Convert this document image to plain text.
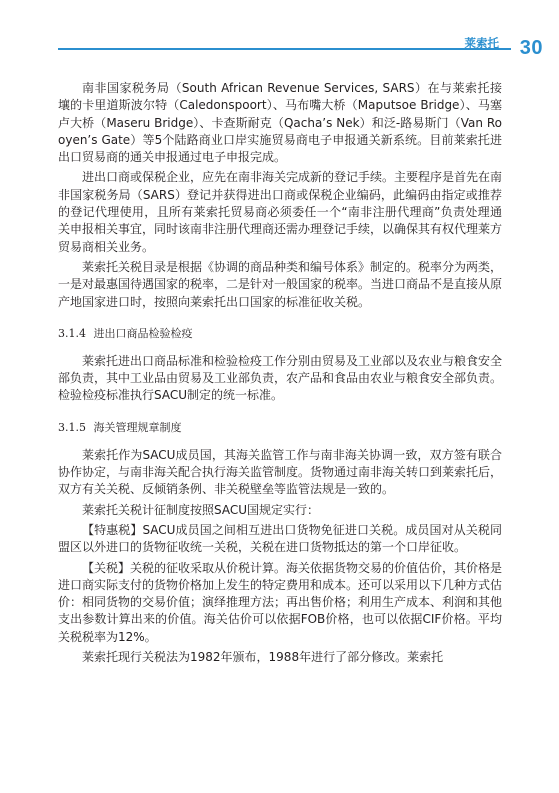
莱索托 30

南非国家税务局（South African Revenue Services, SARS）在与莱索托接壤的卡里道斯波尔特（Caledonspoort）、马布嘴大桥（Maputsoe Bridge）、马塞卢大桥（Maseru Bridge）、卡查斯耐克（Qacha’s Nek）和泛-路易斯门（Van Rooyen’s Gate）等5个陆路商业口岸实施贸易商电子申报通关新系统。目前莱索托进出口贸易商的通关申报通过电子申报完成。

进出口商或保税企业，应先在南非海关完成新的登记手续。主要程序是首先在南非国家税务局（SARS）登记并获得进出口商或保税企业编码，此编码由指定或推荐的登记代理使用，且所有莱索托贸易商必须委任一个“南非注册代理商”负责处理通关申报相关事宜，同时该南非注册代理商还需办理登记手续，以确保其有权代理莱方贸易商相关业务。

莱索托关税目录是根据《协调的商品种类和编号体系》制定的。税率分为两类，一是对最惠国待遇国家的税率，二是针对一般国家的税率。当进口商品不是直接从原产地国家进口时，按照向莱索托出口国家的标准征收关税。

3.1.4 进出口商品检验检疫

莱索托进出口商品标准和检验检疫工作分别由贸易及工业部以及农业与粮食安全部负责，其中工业品由贸易及工业部负责，农产品和食品由农业与粮食安全部负责。检验检疫标准执行SACU制定的统一标准。

3.1.5 海关管理规章制度

莱索托作为SACU成员国，其海关监管工作与南非海关协调一致，双方签有联合协作协定，与南非海关配合执行海关监管制度。货物通过南非海关转口到莱索托后，双方有关关税、反倾销条例、非关税壁垒等监管法规是一致的。

莱索托关税计征制度按照SACU国规定实行：

【特惠税】SACU成员国之间相互进出口货物免征进口关税。成员国对从关税同盟区以外进口的货物征收统一关税，关税在进口货物抵达的第一个口岸征收。

【关税】关税的征收采取从价税计算。海关依据货物交易的价值估价，其价格是进口商实际支付的货物价格加上发生的特定费用和成本。还可以采用以下几种方式估价：相同货物的交易价值；演绎推理方法；再出售价格；利用生产成本、利润和其他支出参数计算出来的价值。海关估价可以依据FOB价格，也可以依据CIF价格。平均关税税率为12%。

莱索托现行关税法为1982年颁布，1988年进行了部分修改。莱索托
